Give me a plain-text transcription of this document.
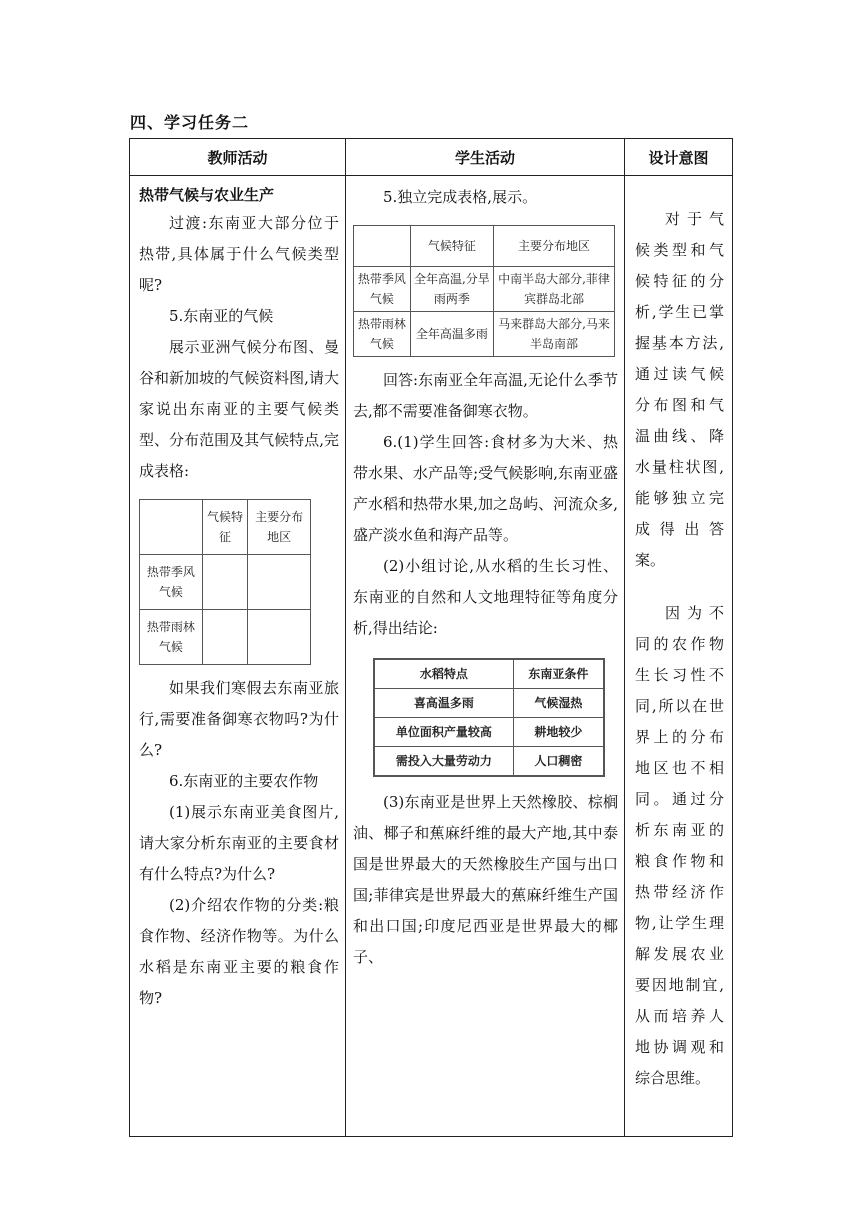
四、学习任务二
教师活动	学生活动	设计意图

热带气候与农业生产

过渡:东南亚大部分位于热带,具体属于什么气候类型呢?

5.东南亚的气候

展示亚洲气候分布图、曼谷和新加坡的气候资料图,请大家说出东南亚的主要气候类型、分布范围及其气候特点,完成表格:

	气候特征	主要分布地区
热带季风气候		
热带雨林气候		

如果我们寒假去东南亚旅行,需要准备御寒衣物吗?为什么?

6.东南亚的主要农作物

(1)展示东南亚美食图片,请大家分析东南亚的主要食材有什么特点?为什么?

(2)介绍农作物的分类:粮食作物、经济作物等。为什么水稻是东南亚主要的粮食作物?

5.独立完成表格,展示。

	气候特征	主要分布地区
热带季风气候	全年高温,分旱雨两季	中南半岛大部分,菲律宾群岛北部
热带雨林气候	全年高温多雨	马来群岛大部分,马来半岛南部

回答:东南亚全年高温,无论什么季节去,都不需要准备御寒衣物。

6.(1)学生回答:食材多为大米、热带水果、水产品等;受气候影响,东南亚盛产水稻和热带水果,加之岛屿、河流众多,盛产淡水鱼和海产品等。

(2)小组讨论,从水稻的生长习性、东南亚的自然和人文地理特征等角度分析,得出结论:

水稻特点	东南亚条件
喜高温多雨	气候湿热
单位面积产量较高	耕地较少
需投入大量劳动力	人口稠密

(3)东南亚是世界上天然橡胶、棕榈油、椰子和蕉麻纤维的最大产地,其中泰国是世界最大的天然橡胶生产国与出口国;菲律宾是世界最大的蕉麻纤维生产国和出口国;印度尼西亚是世界最大的椰子、

对于气候类型和气候特征的分析,学生已掌握基本方法,通过读气候分布图和气温曲线、降水量柱状图,能够独立完成得出答案。

因为不同的农作物生长习性不同,所以在世界上的分布地区也不相同。通过分析东南亚的粮食作物和热带经济作物,让学生理解发展农业要因地制宜,从而培养人地协调观和综合思维。
